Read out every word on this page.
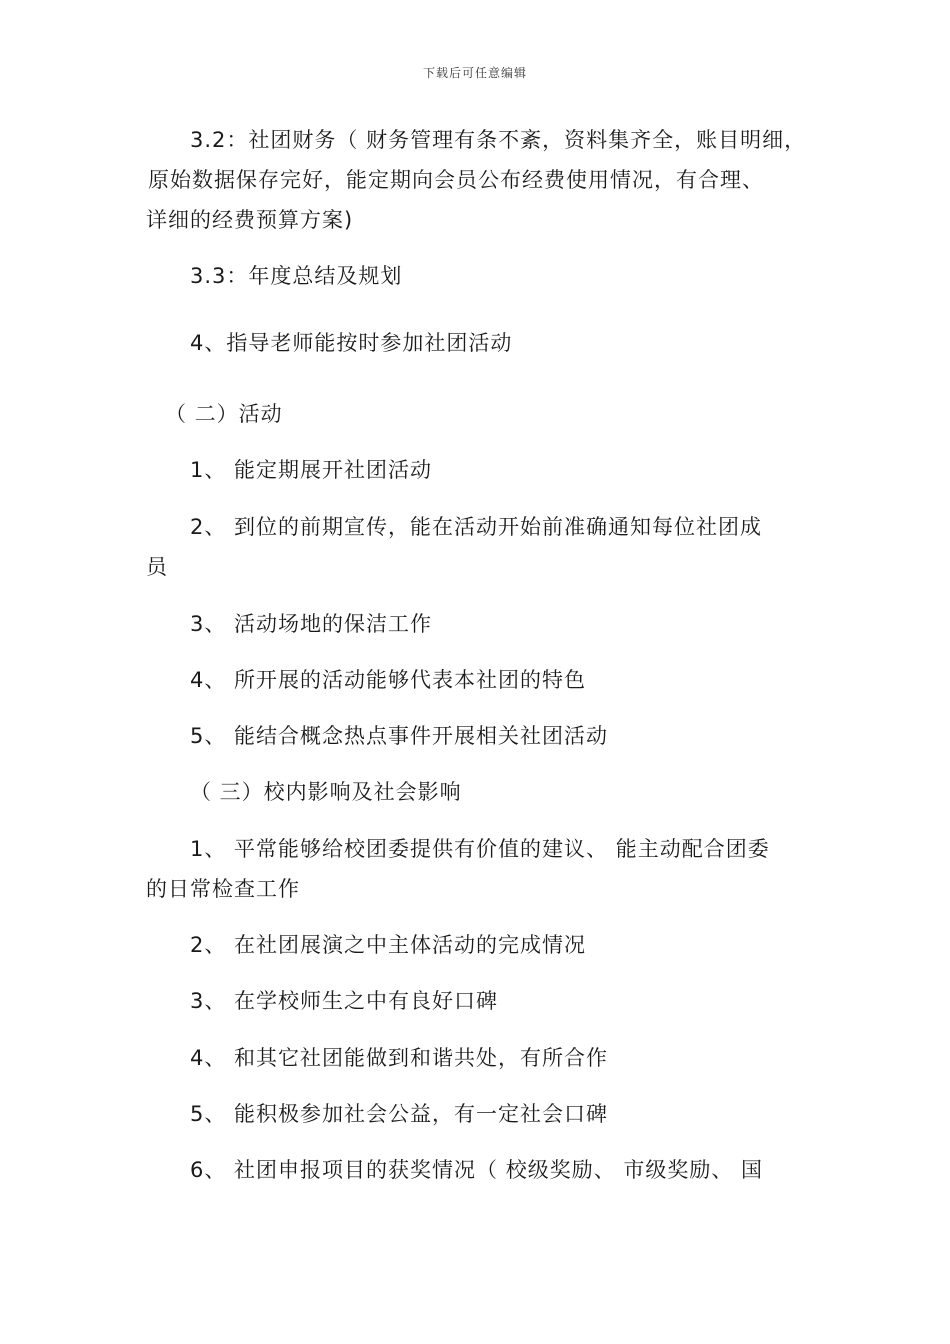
下载后可任意编辑
3.2：社团财务（ 财务管理有条不紊，资料集齐全，账目明细，
原始数据保存完好，能定期向会员公布经费使用情况，有合理、
详细的经费预算方案)
3.3：年度总结及规划
4、指导老师能按时参加社团活动
（ 二）活动
1、 能定期展开社团活动
2、 到位的前期宣传，能在活动开始前准确通知每位社团成
员
3、 活动场地的保洁工作
4、 所开展的活动能够代表本社团的特色
5、 能结合概念热点事件开展相关社团活动
（ 三）校内影响及社会影响
1、 平常能够给校团委提供有价值的建议、 能主动配合团委
的日常检查工作
2、 在社团展演之中主体活动的完成情况
3、 在学校师生之中有良好口碑
4、 和其它社团能做到和谐共处，有所合作
5、 能积极参加社会公益，有一定社会口碑
6、 社团申报项目的获奖情况（ 校级奖励、 市级奖励、 国
